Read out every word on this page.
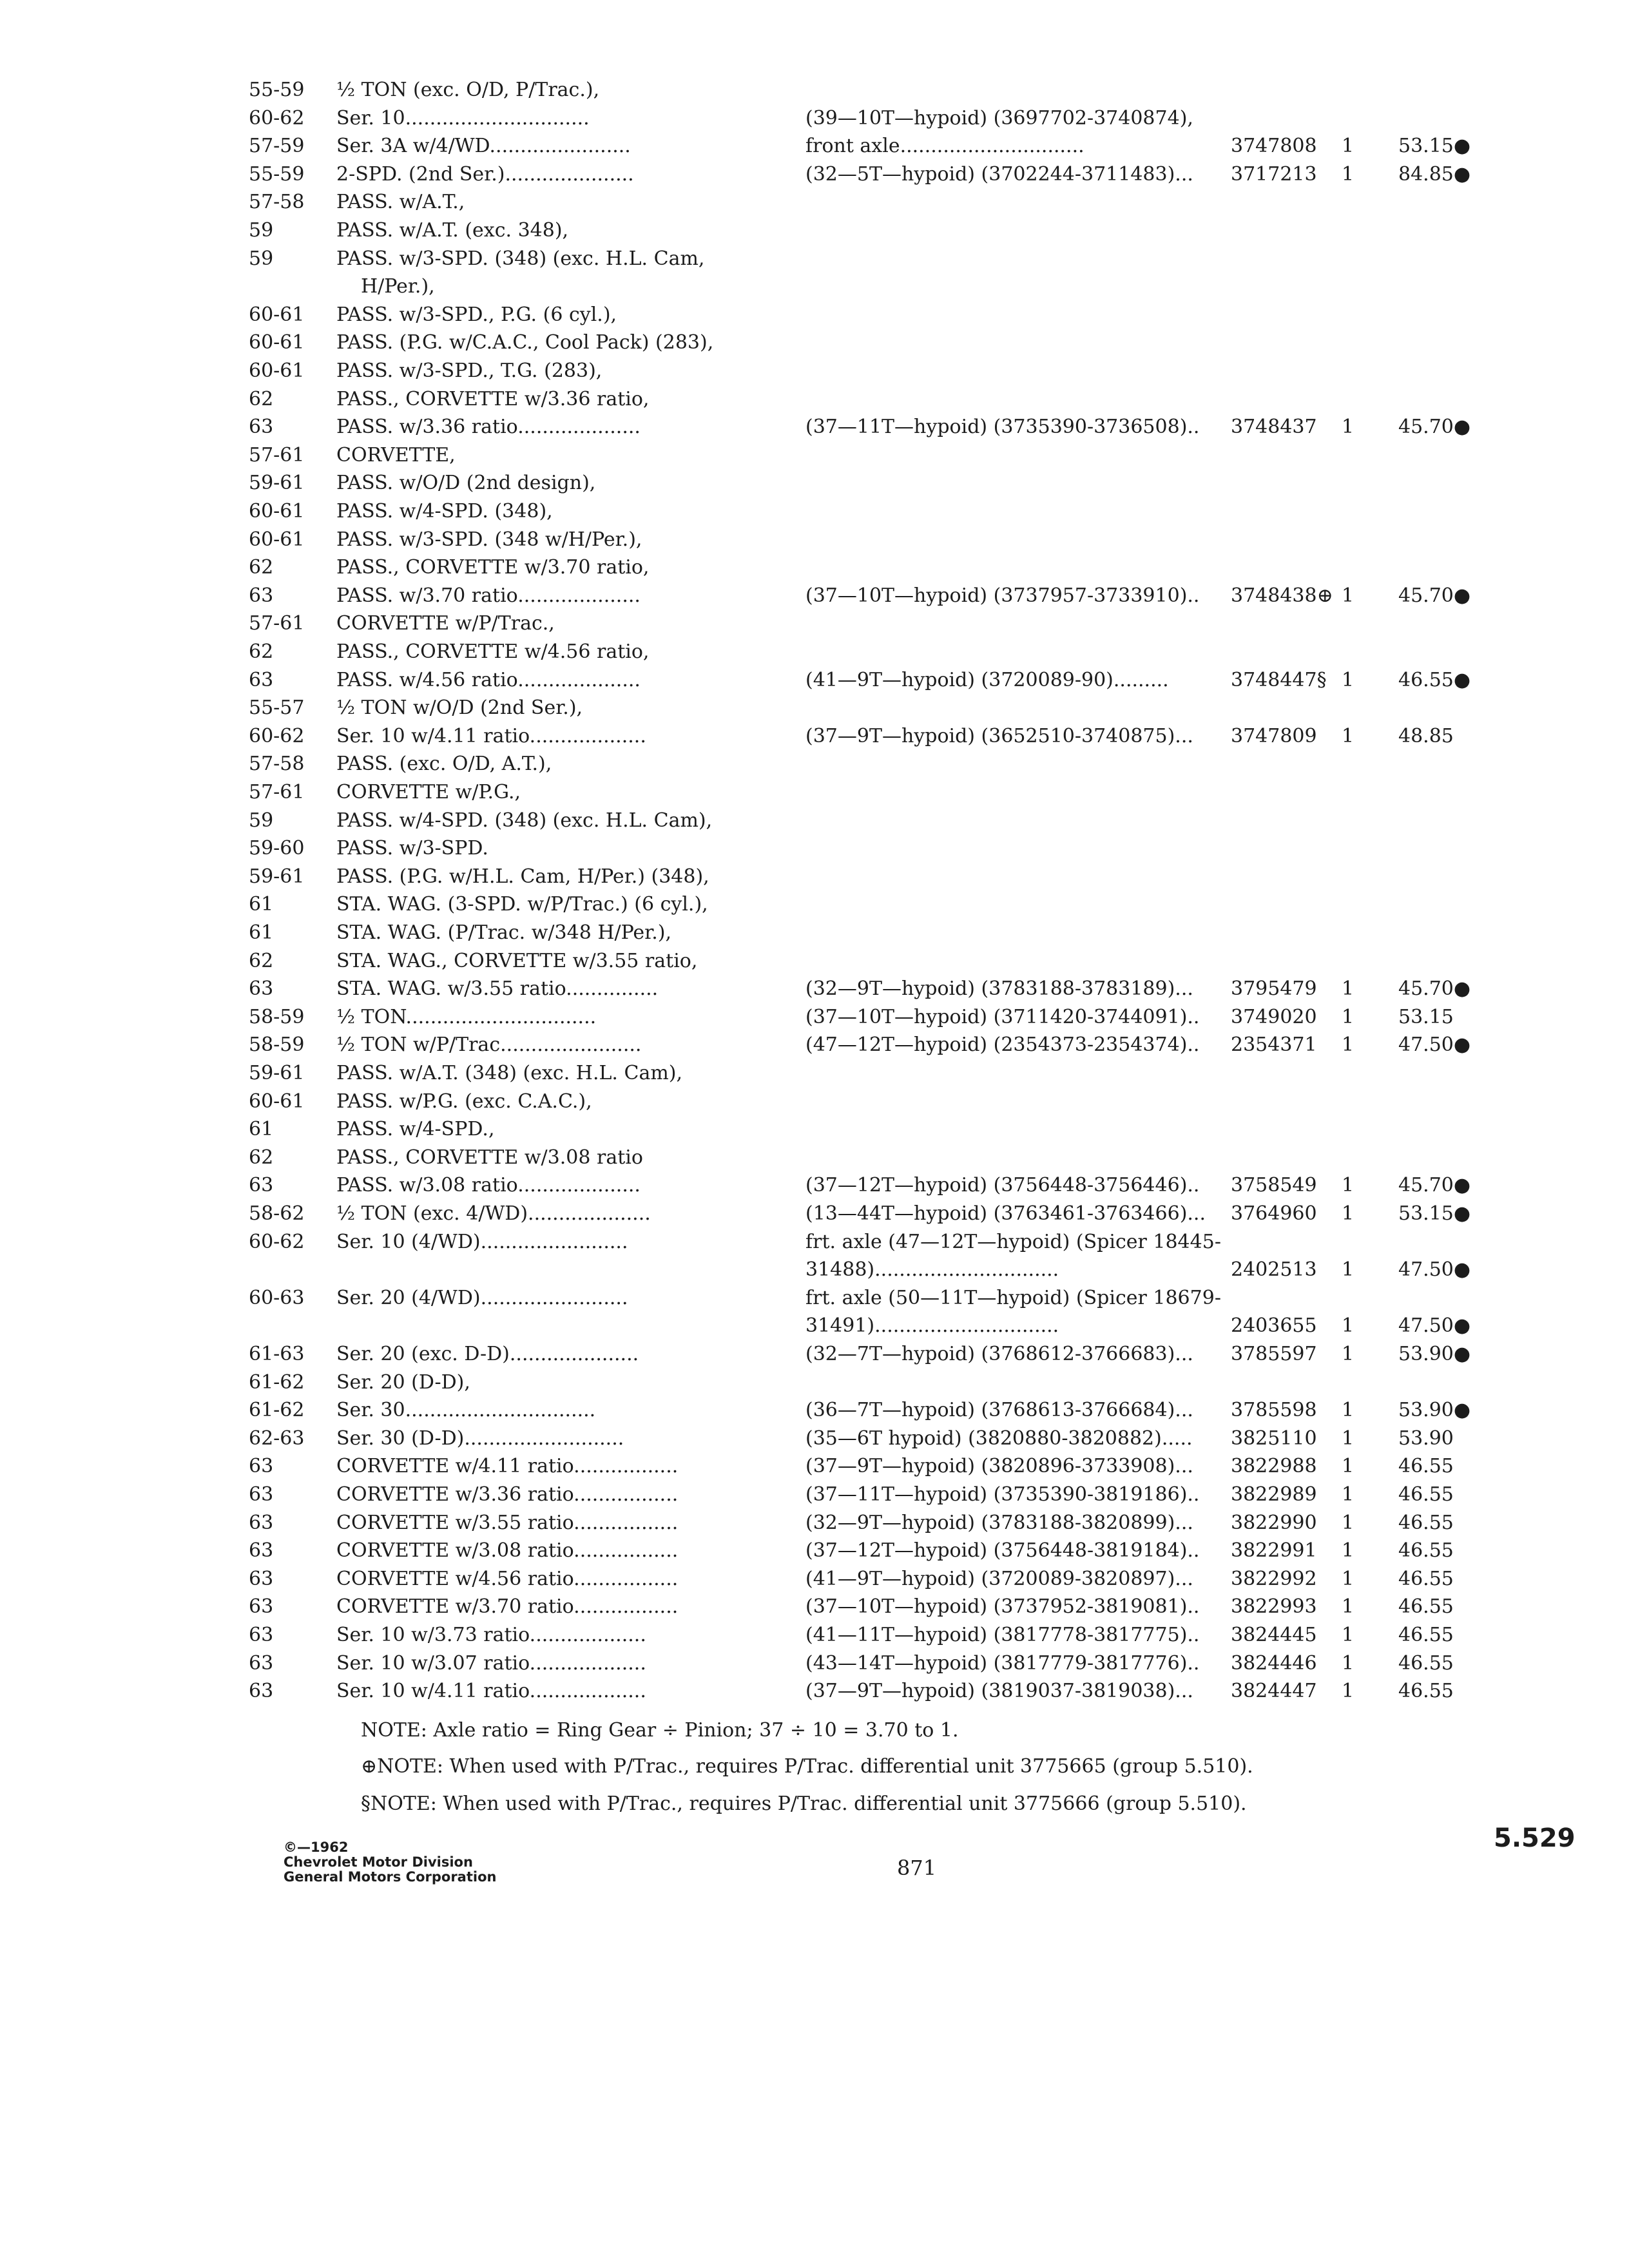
55-59	½ TON (exc. O/D, P/Trac.),
60-62	Ser. 10..............................	(39—10T—hypoid) (3697702-3740874),
57-59	Ser. 3A w/4/WD.......................	front axle..............................	3747808 1	53.15●
55-59	2-SPD. (2nd Ser.).....................	(32—5T—hypoid) (3702244-3711483)...	3717213 1	84.85●
57-58	PASS. w/A.T.,
59	PASS. w/A.T. (exc. 348),
59	PASS. w/3-SPD. (348) (exc. H.L. Cam,
H/Per.),
60-61	PASS. w/3-SPD., P.G. (6 cyl.),
60-61	PASS. (P.G. w/C.A.C., Cool Pack) (283),
60-61	PASS. w/3-SPD., T.G. (283),
62	PASS., CORVETTE w/3.36 ratio,
63	PASS. w/3.36 ratio....................	(37—11T—hypoid) (3735390-3736508)..	3748437 1	45.70●
57-61	CORVETTE,
59-61	PASS. w/O/D (2nd design),
60-61	PASS. w/4-SPD. (348),
60-61	PASS. w/3-SPD. (348 w/H/Per.),
62	PASS., CORVETTE w/3.70 ratio,
63	PASS. w/3.70 ratio....................	(37—10T—hypoid) (3737957-3733910)..	3748438⊕ 1	45.70●
57-61	CORVETTE w/P/Trac.,
62	PASS., CORVETTE w/4.56 ratio,
63	PASS. w/4.56 ratio....................	(41—9T—hypoid) (3720089-90).........	3748447§ 1	46.55●
55-57	½ TON w/O/D (2nd Ser.),
60-62	Ser. 10 w/4.11 ratio...................	(37—9T—hypoid) (3652510-3740875)...	3747809 1	48.85
57-58	PASS. (exc. O/D, A.T.),
57-61	CORVETTE w/P.G.,
59	PASS. w/4-SPD. (348) (exc. H.L. Cam),
59-60	PASS. w/3-SPD.
59-61	PASS. (P.G. w/H.L. Cam, H/Per.) (348),
61	STA. WAG. (3-SPD. w/P/Trac.) (6 cyl.),
61	STA. WAG. (P/Trac. w/348 H/Per.),
62	STA. WAG., CORVETTE w/3.55 ratio,
63	STA. WAG. w/3.55 ratio...............	(32—9T—hypoid) (3783188-3783189)...	3795479 1	45.70●
58-59	½ TON...............................	(37—10T—hypoid) (3711420-3744091)..	3749020 1	53.15
58-59	½ TON w/P/Trac.......................	(47—12T—hypoid) (2354373-2354374)..	2354371 1	47.50●
59-61	PASS. w/A.T. (348) (exc. H.L. Cam),
60-61	PASS. w/P.G. (exc. C.A.C.),
61	PASS. w/4-SPD.,
62	PASS., CORVETTE w/3.08 ratio
63	PASS. w/3.08 ratio....................	(37—12T—hypoid) (3756448-3756446)..	3758549 1	45.70●
58-62	½ TON (exc. 4/WD)....................	(13—44T—hypoid) (3763461-3763466)...	3764960 1	53.15●
60-62	Ser. 10 (4/WD)........................	frt. axle (47—12T—hypoid) (Spicer 18445-
31488)..............................	2402513 1	47.50●
60-63	Ser. 20 (4/WD)........................	frt. axle (50—11T—hypoid) (Spicer 18679-
31491)..............................	2403655 1	47.50●
61-63	Ser. 20 (exc. D-D).....................	(32—7T—hypoid) (3768612-3766683)...	3785597 1	53.90●
61-62	Ser. 20 (D-D),
61-62	Ser. 30...............................	(36—7T—hypoid) (3768613-3766684)...	3785598 1	53.90●
62-63	Ser. 30 (D-D)..........................	(35—6T hypoid) (3820880-3820882).....	3825110 1	53.90
63	CORVETTE w/4.11 ratio.................	(37—9T—hypoid) (3820896-3733908)...	3822988 1	46.55
63	CORVETTE w/3.36 ratio.................	(37—11T—hypoid) (3735390-3819186)..	3822989 1	46.55
63	CORVETTE w/3.55 ratio.................	(32—9T—hypoid) (3783188-3820899)...	3822990 1	46.55
63	CORVETTE w/3.08 ratio.................	(37—12T—hypoid) (3756448-3819184)..	3822991 1	46.55
63	CORVETTE w/4.56 ratio.................	(41—9T—hypoid) (3720089-3820897)...	3822992 1	46.55
63	CORVETTE w/3.70 ratio.................	(37—10T—hypoid) (3737952-3819081)..	3822993 1	46.55
63	Ser. 10 w/3.73 ratio...................	(41—11T—hypoid) (3817778-3817775)..	3824445 1	46.55
63	Ser. 10 w/3.07 ratio...................	(43—14T—hypoid) (3817779-3817776)..	3824446 1	46.55
63	Ser. 10 w/4.11 ratio...................	(37—9T—hypoid) (3819037-3819038)...	3824447 1	46.55
NOTE: Axle ratio = Ring Gear ÷ Pinion; 37 ÷ 10 = 3.70 to 1.
⊕NOTE: When used with P/Trac., requires P/Trac. differential unit 3775665 (group 5.510).
§NOTE: When used with P/Trac., requires P/Trac. differential unit 3775666 (group 5.510).
©—1962
Chevrolet Motor Division
General Motors Corporation	871
5.529
